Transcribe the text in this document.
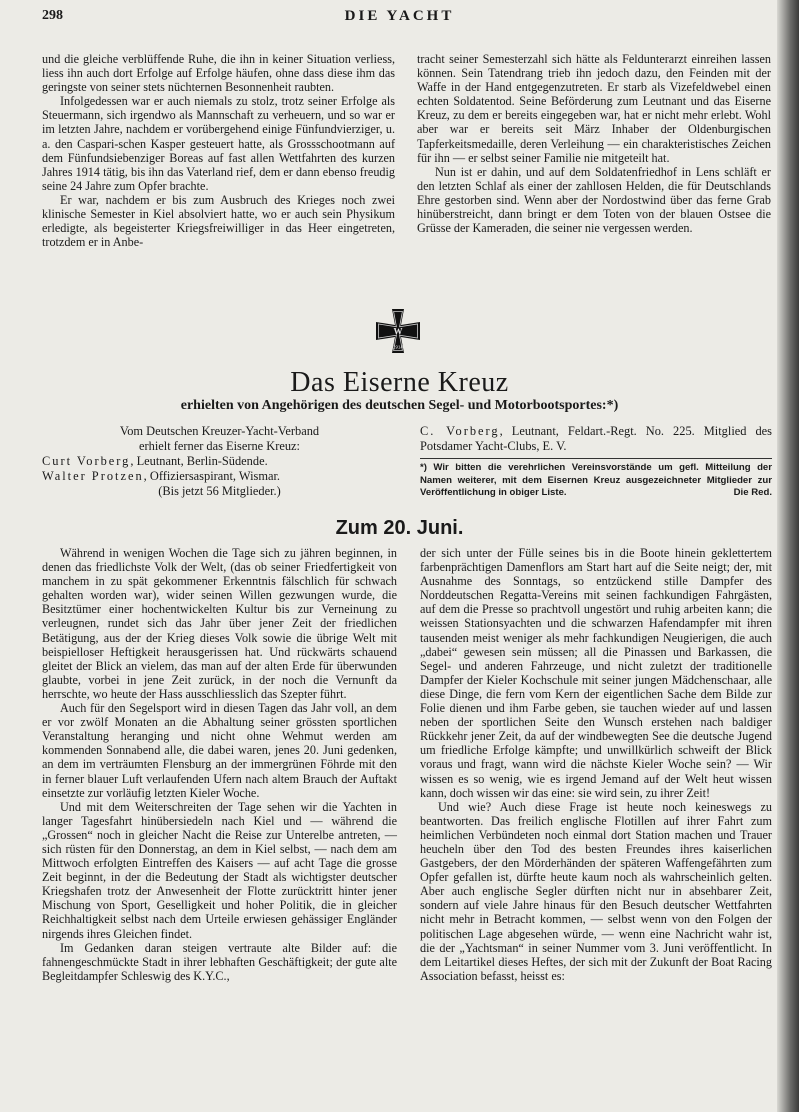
298	DIE YACHT

und die gleiche verblüffende Ruhe, die ihn in keiner Situation verliess, liess ihn auch dort Erfolge auf Erfolge häufen, ohne dass diese ihm das geringste von seiner stets nüchternen Besonnenheit raubten.

Infolgedessen war er auch niemals zu stolz, trotz seiner Erfolge als Steuermann, sich irgendwo als Mannschaft zu verheuern, und so war er im letzten Jahre, nachdem er vorübergehend einige Fünfundvierziger, u. a. den Caspari-schen Kasper gesteuert hatte, als Grossschootmann auf dem Fünfundsiebenziger Boreas auf fast allen Wettfahrten des kurzen Jahres 1914 tätig, bis ihn das Vaterland rief, dem er dann ebenso freudig seine 24 Jahre zum Opfer brachte.

Er war, nachdem er bis zum Ausbruch des Krieges noch zwei klinische Semester in Kiel absolviert hatte, wo er auch sein Physikum erledigte, als begeisterter Kriegsfreiwilliger in das Heer eingetreten, trotzdem er in Anbe-

tracht seiner Semesterzahl sich hätte als Feldunterarzt einreihen lassen können. Sein Tatendrang trieb ihn jedoch dazu, den Feinden mit der Waffe in der Hand entgegenzutreten. Er starb als Vizefeldwebel einen echten Soldatentod. Seine Beförderung zum Leutnant und das Eiserne Kreuz, zu dem er bereits eingegeben war, hat er nicht mehr erlebt. Wohl aber war er bereits seit März Inhaber der Oldenburgischen Tapferkeitsmedaille, deren Verleihung — ein charakteristisches Zeichen für ihn — er selbst seiner Familie nie mitgeteilt hat.

Nun ist er dahin, und auf dem Soldatenfriedhof in Lens schläft er den letzten Schlaf als einer der zahllosen Helden, die für Deutschlands Ehre gestorben sind. Wenn aber der Nordostwind über das ferne Grab hinüberstreicht, dann bringt er dem Toten von der blauen Ostsee die Grüsse der Kameraden, die seiner nie vergessen werden.

W
1914
Das Eiserne Kreuz
erhielten von Angehörigen des deutschen Segel- und Motorbootsportes:*)
Vom Deutschen Kreuzer-Yacht-Verband
erhielt ferner das Eiserne Kreuz:
Curt Vorberg, Leutnant, Berlin-Südende.
Walter Protzen, Offiziersaspirant, Wismar.
(Bis jetzt 56 Mitglieder.)
C. Vorberg, Leutnant, Feldart.-Regt. No. 225. Mitglied des Potsdamer Yacht-Clubs, E. V.
*) Wir bitten die verehrlichen Vereinsvorstände um gefl. Mitteilung der Namen weiterer, mit dem Eisernen Kreuz ausgezeichneter Mitglieder zur Veröffentlichung in obiger Liste.	Die Red.
Zum 20. Juni.

Während in wenigen Wochen die Tage sich zu jähren beginnen, in denen das friedlichste Volk der Welt, (das ob seiner Friedfertigkeit von manchem in zu spät gekommener Erkenntnis fälschlich für schwach gehalten worden war), wider seinen Willen gezwungen wurde, die Besitztümer einer hochentwickelten Kultur bis zur Verneinung zu verleugnen, rundet sich das Jahr über jener Zeit der friedlichen Betätigung, aus der der Krieg dieses Volk sowie die übrige Welt mit beispielloser Heftigkeit herausgerissen hat. Und rückwärts schauend gleitet der Blick an vielem, das man auf der alten Erde für überwunden glaubte, vorbei in jene Zeit zurück, in der noch die Vernunft da herrschte, wo heute der Hass ausschliesslich das Szepter führt.

Auch für den Segelsport wird in diesen Tagen das Jahr voll, an dem er vor zwölf Monaten an die Abhaltung seiner grössten sportlichen Veranstaltung heranging und nicht ohne Wehmut werden am kommenden Sonnabend alle, die dabei waren, jenes 20. Juni gedenken, an dem im verträumten Flensburg an der immergrünen Föhrde mit den in ferner blauer Luft verlaufenden Ufern nach altem Brauch der Auftakt einsetzte zur vorläufig letzten Kieler Woche.

Und mit dem Weiterschreiten der Tage sehen wir die Yachten in langer Tagesfahrt hinübersiedeln nach Kiel und — während die „Grossen“ noch in gleicher Nacht die Reise zur Unterelbe antreten, — sich rüsten für den Donnerstag, an dem in Kiel selbst, — nach dem am Mittwoch erfolgten Eintreffen des Kaisers — auf acht Tage die grosse Zeit beginnt, in der die Bedeutung der Stadt als wichtigster deutscher Kriegshafen trotz der Anwesenheit der Flotte zurücktritt hinter jener Mischung von Sport, Geselligkeit und hoher Politik, die in gleicher Reichhaltigkeit selbst nach dem Urteile erwiesen gehässiger Engländer nirgends ihres Gleichen findet.

Im Gedanken daran steigen vertraute alte Bilder auf: die fahnengeschmückte Stadt in ihrer lebhaften Geschäftigkeit; der gute alte Begleitdampfer Schleswig des K.Y.C.,

der sich unter der Fülle seines bis in die Boote hinein geklettertem farbenprächtigen Damenflors am Start hart auf die Seite neigt; der, mit Ausnahme des Sonntags, so entzückend stille Dampfer des Norddeutschen Regatta-Vereins mit seinen fachkundigen Fahrgästen, auf dem die Presse so prachtvoll ungestört und ruhig arbeiten kann; die weissen Stationsyachten und die schwarzen Hafendampfer mit ihren tausenden meist weniger als mehr fachkundigen Neugierigen, die auch „dabei“ gewesen sein müssen; all die Pinassen und Barkassen, die Segel- und anderen Fahrzeuge, und nicht zuletzt der traditionelle Dampfer der Kieler Kochschule mit seiner jungen Mädchenschaar, alle diese Dinge, die fern vom Kern der eigentlichen Sache dem Bilde zur Folie dienen und ihm Farbe geben, sie tauchen wieder auf und lassen neben der sportlichen Seite den Wunsch erstehen nach baldiger Rückkehr jener Zeit, da auf der windbewegten See die deutsche Jugend um friedliche Erfolge kämpfte; und unwillkürlich schweift der Blick voraus und fragt, wann wird die nächste Kieler Woche sein? — Wir wissen es so wenig, wie es irgend Jemand auf der Welt heut wissen kann, doch wissen wir das eine: sie wird sein, zu ihrer Zeit!

Und wie? Auch diese Frage ist heute noch keineswegs zu beantworten. Das freilich englische Flotillen auf ihrer Fahrt zum heimlichen Verbündeten noch einmal dort Station machen und Trauer heucheln über den Tod des besten Freundes ihres kaiserlichen Gastgebers, der den Mörderhänden der späteren Waffengefährten zum Opfer gefallen ist, dürfte heute kaum noch als wahrscheinlich gelten. Aber auch englische Segler dürften nicht nur in absehbarer Zeit, sondern auf viele Jahre hinaus für den Besuch deutscher Wettfahrten nicht mehr in Betracht kommen, — selbst wenn von den Folgen der politischen Lage abgesehen würde, — wenn eine Nachricht wahr ist, die der „Yachtsman“ in seiner Nummer vom 3. Juni veröffentlicht. In dem Leitartikel dieses Heftes, der sich mit der Zukunft der Boat Racing Association befasst, heisst es:
